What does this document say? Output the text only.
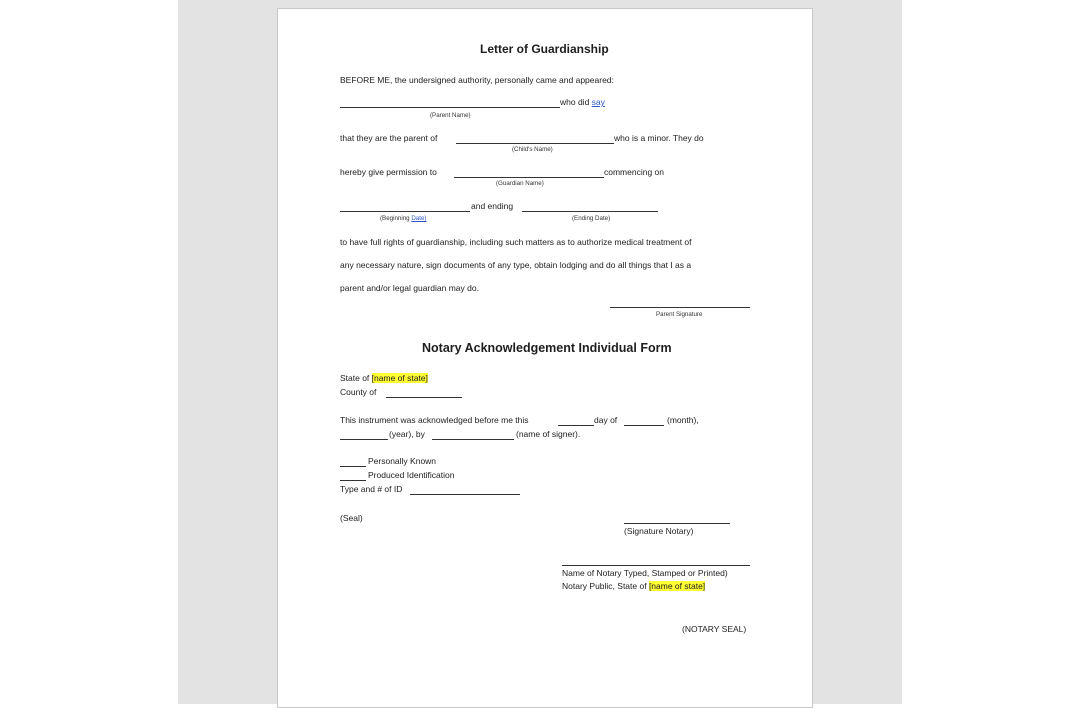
Letter of Guardianship
BEFORE ME, the undersigned authority, personally came and appeared:
who did say
(Parent Name)
that they are the parent of	who is a minor. They do
(Child's Name)
hereby give permission to	commencing on
(Guardian Name)
and ending
(Beginning Date)	(Ending Date)
to have full rights of guardianship, including such matters as to authorize medical treatment of
any necessary nature, sign documents of any type, obtain lodging and do all things that I as a
parent and/or legal guardian may do.
Parent Signature
Notary Acknowledgement Individual Form
State of [name of state]
County of
This instrument was acknowledged before me this	day of	(month),
(year), by	(name of signer).
Personally Known
Produced Identification
Type and # of ID
(Seal)
(Signature Notary)
Name of Notary Typed, Stamped or Printed)
Notary Public, State of [name of state]
(NOTARY SEAL)
